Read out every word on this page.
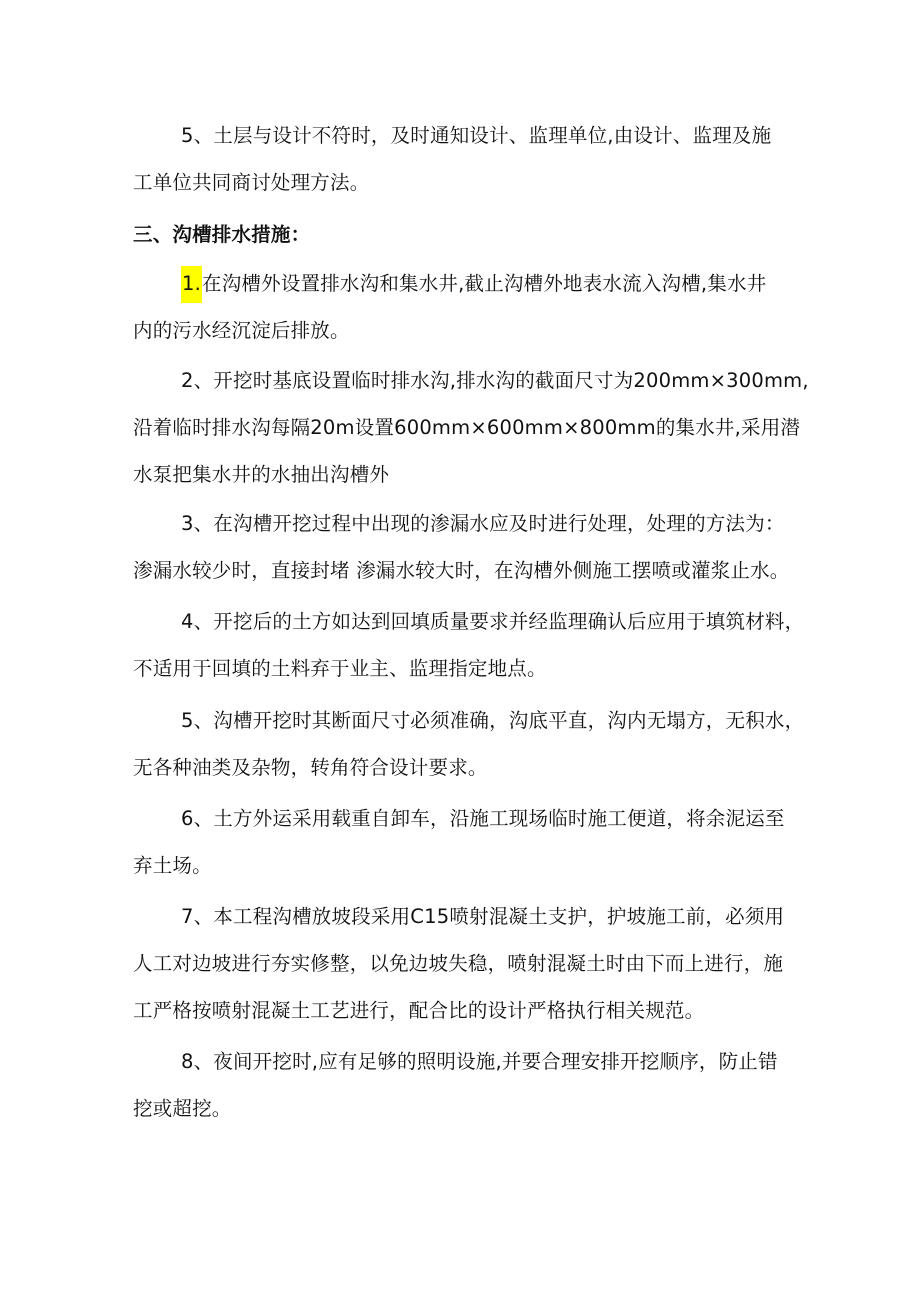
5、土层与设计不符时，及时通知设计、监理单位,由设计、监理及施
工单位共同商讨处理方法。
三、沟槽排水措施：
1.在沟槽外设置排水沟和集水井,截止沟槽外地表水流入沟槽,集水井
内的污水经沉淀后排放。
2、开挖时基底设置临时排水沟,排水沟的截面尺寸为200mm×300mm,
沿着临时排水沟每隔20m设置600mm×600mm×800mm的集水井,采用潜
水泵把集水井的水抽出沟槽外
3、在沟槽开挖过程中出现的渗漏水应及时进行处理，处理的方法为：
渗漏水较少时，直接封堵 渗漏水较大时，在沟槽外侧施工摆喷或灌浆止水。
4、开挖后的土方如达到回填质量要求并经监理确认后应用于填筑材料，
不适用于回填的土料弃于业主、监理指定地点。
5、沟槽开挖时其断面尺寸必须准确，沟底平直，沟内无塌方，无积水，
无各种油类及杂物，转角符合设计要求。
6、土方外运采用载重自卸车，沿施工现场临时施工便道，将余泥运至
弃土场。
7、本工程沟槽放坡段采用C15喷射混凝土支护，护坡施工前，必须用
人工对边坡进行夯实修整，以免边坡失稳，喷射混凝土时由下而上进行，施
工严格按喷射混凝土工艺进行，配合比的设计严格执行相关规范。
8、夜间开挖时,应有足够的照明设施,并要合理安排开挖顺序，防止错
挖或超挖。
